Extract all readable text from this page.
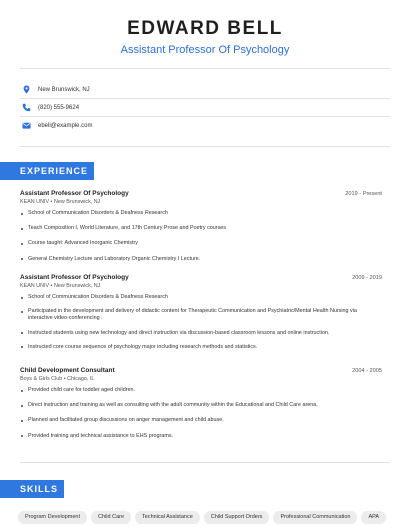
EDWARD BELL
Assistant Professor Of Psychology
New Brunswick, NJ
(820) 555-9624
ebell@example.com
EXPERIENCE
Assistant Professor Of Psychology	2019 - Present
KEAN UNIV • New Brunswick, NJ
School of Communication Disorders & Deafness Research
Teach Composition I, World Literature, and 17th Century Prose and Poetry courses
Course taught: Advanced Inorganic Chemistry
General Chemistry Lecture and Laboratory Organic Chemistry I Lecture.
Assistant Professor Of Psychology	2009 - 2019
KEAN UNIV • New Brunswick, NJ
School of Communication Disorders & Deafness Research
Participated in the development and delivery of didactic content for Therapeutic Communication and Psychiatric/Mental Health Nursing via interactive video-conferencing .
Instructed students using new technology and direct instruction via discussion-based classroom lessons and online instruction.
Instructed core course sequence of psychology major including research methods and statistics.
Child Development Consultant	2004 - 2005
Boys & Girls Club • Chicago, IL
Provided child care for toddler aged children.
Direct instruction and training as well as consulting with the adult community within the Educational and Child Care arena.
Planned and facilitated group discussions on anger management and child abuse.
Provided training and technical assistance to EHS programs.
SKILLS
Program Development	Child Care	Technical Assistance	Child Support Orders	Professional Communication	APA
